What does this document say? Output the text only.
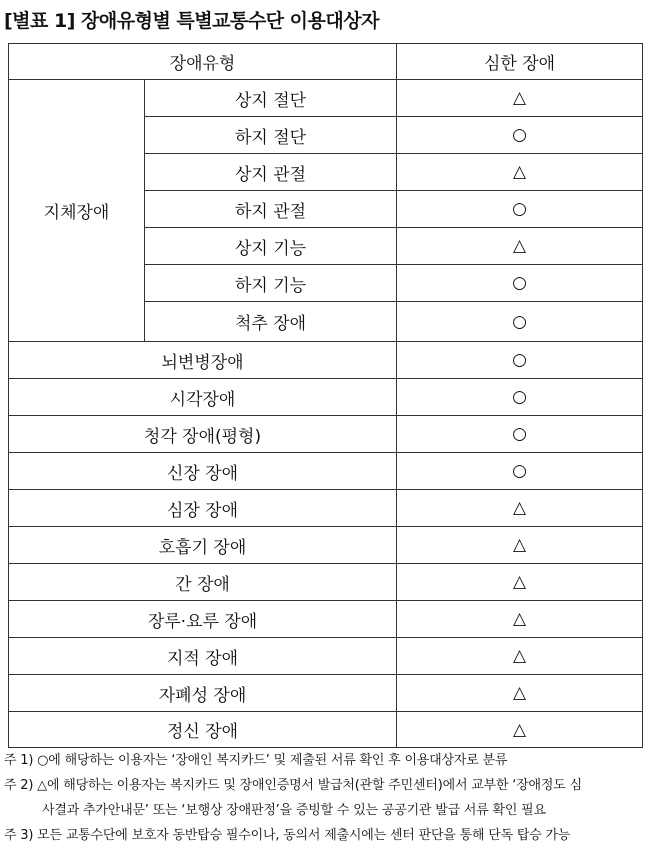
[별표 1] 장애유형별 특별교통수단 이용대상자
장애유형		심한 장애
지체장애	상지 절단	△
	하지 절단	○
	상지 관절	△
	하지 관절	○
	상지 기능	△
	하지 기능	○
	척추 장애	○
뇌변병장애		○
시각장애		○
청각 장애(평형)		○
신장 장애		○
심장 장애		△
호흡기 장애		△
간 장애		△
장루·요루 장애		△
지적 장애		△
자폐성 장애		△
정신 장애		△
주 1) ○에 해당하는 이용자는 ‘장애인 복지카드’ 및 제출된 서류 확인 후 이용대상자로 분류
주 2) △에 해당하는 이용자는 복지카드 및 장애인증명서 발급처(관할 주민센터)에서 교부한 ‘장애정도 심
사결과 추가안내문’ 또는 ‘보행상 장애판정’을 증빙할 수 있는 공공기관 발급 서류 확인 필요
주 3) 모든 교통수단에 보호자 동반탑승 필수이나, 동의서 제출시에는 센터 판단을 통해 단독 탑승 가능
